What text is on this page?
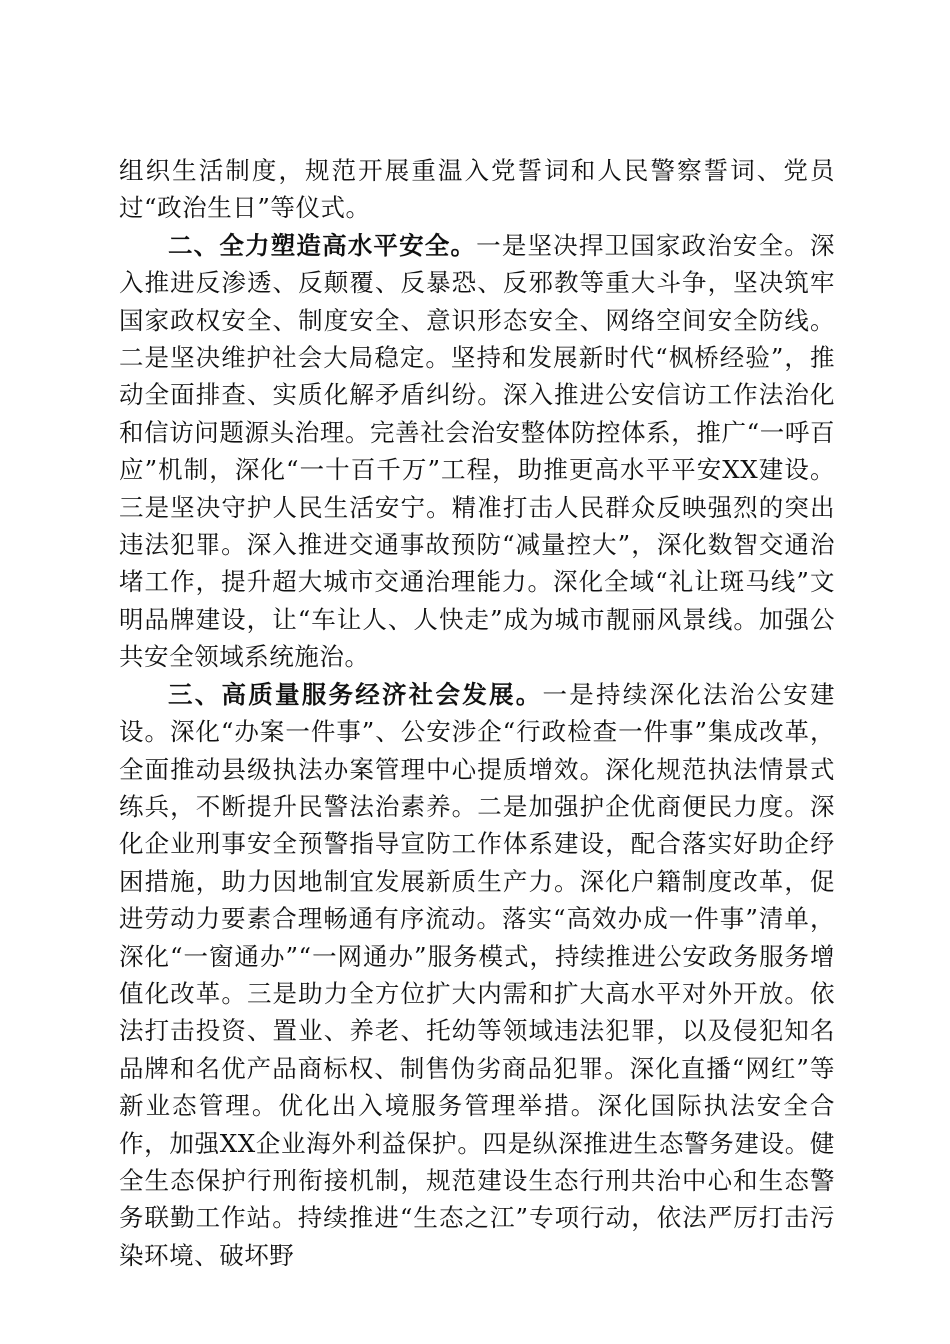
组织生活制度，规范开展重温入党誓词和人民警察誓词、党员过“政治生日”等仪式。

二、全力塑造高水平安全。一是坚决捍卫国家政治安全。深入推进反渗透、反颠覆、反暴恐、反邪教等重大斗争，坚决筑牢国家政权安全、制度安全、意识形态安全、网络空间安全防线。二是坚决维护社会大局稳定。坚持和发展新时代“枫桥经验”，推动全面排查、实质化解矛盾纠纷。深入推进公安信访工作法治化和信访问题源头治理。完善社会治安整体防控体系，推广“一呼百应”机制，深化“一十百千万”工程，助推更高水平平安XX建设。三是坚决守护人民生活安宁。精准打击人民群众反映强烈的突出违法犯罪。深入推进交通事故预防“减量控大”，深化数智交通治堵工作，提升超大城市交通治理能力。深化全域“礼让斑马线”文明品牌建设，让“车让人、人快走”成为城市靓丽风景线。加强公共安全领域系统施治。

三、高质量服务经济社会发展。一是持续深化法治公安建设。深化“办案一件事”、公安涉企“行政检查一件事”集成改革，全面推动县级执法办案管理中心提质增效。深化规范执法情景式练兵，不断提升民警法治素养。二是加强护企优商便民力度。深化企业刑事安全预警指导宣防工作体系建设，配合落实好助企纾困措施，助力因地制宜发展新质生产力。深化户籍制度改革，促进劳动力要素合理畅通有序流动。落实“高效办成一件事”清单，深化“一窗通办”“一网通办”服务模式，持续推进公安政务服务增值化改革。三是助力全方位扩大内需和扩大高水平对外开放。依法打击投资、置业、养老、托幼等领域违法犯罪，以及侵犯知名品牌和名优产品商标权、制售伪劣商品犯罪。深化直播“网红”等新业态管理。优化出入境服务管理举措。深化国际执法安全合作，加强XX企业海外利益保护。四是纵深推进生态警务建设。健全生态保护行刑衔接机制，规范建设生态行刑共治中心和生态警务联勤工作站。持续推进“生态之江”专项行动，依法严厉打击污染环境、破坏野
